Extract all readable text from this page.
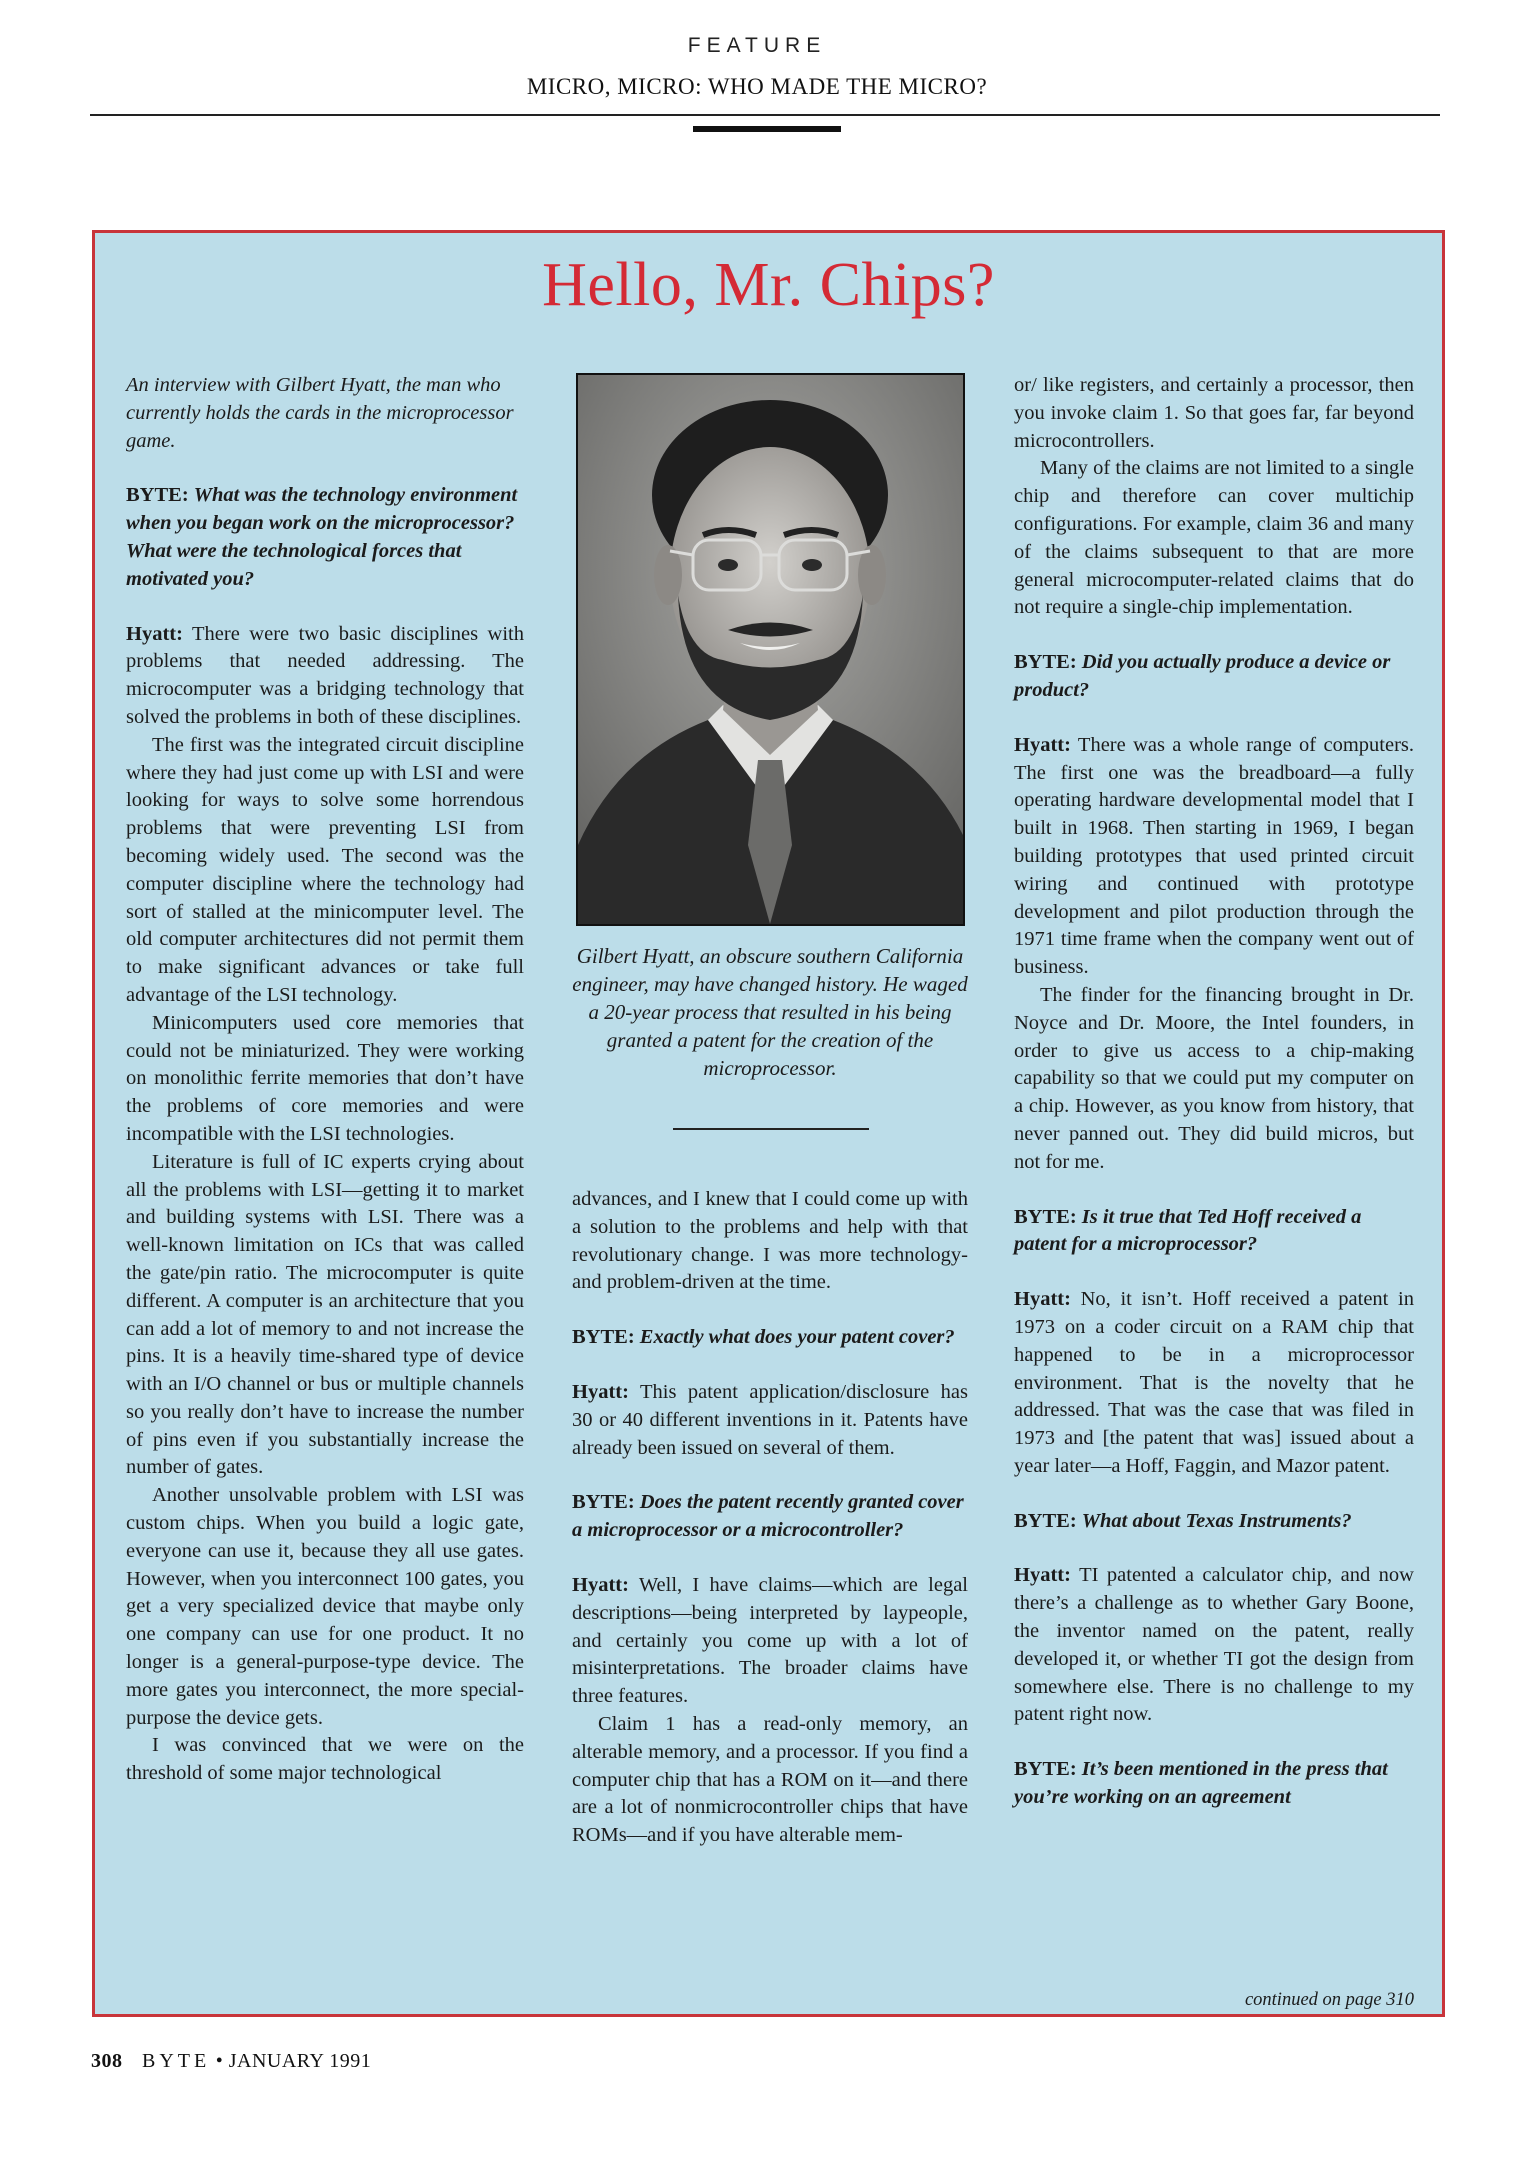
FEATURE
MICRO, MICRO: WHO MADE THE MICRO?
Hello, Mr. Chips?

An interview with Gilbert Hyatt, the man who currently holds the cards in the microprocessor game.

BYTE: What was the technology environment when you began work on the microprocessor? What were the technological forces that motivated you?

Hyatt: There were two basic disciplines with problems that needed addressing. The microcomputer was a bridging technology that solved the problems in both of these disciplines.

The first was the integrated circuit discipline where they had just come up with LSI and were looking for ways to solve some horrendous problems that were preventing LSI from becoming widely used. The second was the computer discipline where the technology had sort of stalled at the minicomputer level. The old computer architectures did not permit them to make significant advances or take full advantage of the LSI technology.

Minicomputers used core memories that could not be miniaturized. They were working on monolithic ferrite memories that don’t have the problems of core memories and were incompatible with the LSI technologies.

Literature is full of IC experts crying about all the problems with LSI—getting it to market and building systems with LSI. There was a well-known limitation on ICs that was called the gate/pin ratio. The microcomputer is quite different. A computer is an architecture that you can add a lot of memory to and not increase the pins. It is a heavily time-shared type of device with an I/O channel or bus or multiple channels so you really don’t have to increase the number of pins even if you substantially increase the number of gates.

Another unsolvable problem with LSI was custom chips. When you build a logic gate, everyone can use it, because they all use gates. However, when you interconnect 100 gates, you get a very specialized device that maybe only one company can use for one product. It no longer is a general-purpose-type device. The more gates you interconnect, the more special-purpose the device gets.

I was convinced that we were on the threshold of some major technological

Gilbert Hyatt, an obscure southern California engineer, may have changed history. He waged a 20-year process that resulted in his being granted a patent for the creation of the microprocessor.

advances, and I knew that I could come up with a solution to the problems and help with that revolutionary change. I was more technology- and problem-driven at the time.

BYTE: Exactly what does your patent cover?

Hyatt: This patent application/disclosure has 30 or 40 different inventions in it. Patents have already been issued on several of them.

BYTE: Does the patent recently granted cover a microprocessor or a microcontroller?

Hyatt: Well, I have claims—which are legal descriptions—being interpreted by laypeople, and certainly you come up with a lot of misinterpretations. The broader claims have three features.

Claim 1 has a read-only memory, an alterable memory, and a processor. If you find a computer chip that has a ROM on it—and there are a lot of nonmicrocontroller chips that have ROMs—and if you have alterable mem-

or/ like registers, and certainly a processor, then you invoke claim 1. So that goes far, far beyond microcontrollers.

Many of the claims are not limited to a single chip and therefore can cover multichip configurations. For example, claim 36 and many of the claims subsequent to that are more general microcomputer-related claims that do not require a single-chip implementation.

BYTE: Did you actually produce a device or product?

Hyatt: There was a whole range of computers. The first one was the breadboard—a fully operating hardware developmental model that I built in 1968. Then starting in 1969, I began building prototypes that used printed circuit wiring and continued with prototype development and pilot production through the 1971 time frame when the company went out of business.

The finder for the financing brought in Dr. Noyce and Dr. Moore, the Intel founders, in order to give us access to a chip-making capability so that we could put my computer on a chip. However, as you know from history, that never panned out. They did build micros, but not for me.

BYTE: Is it true that Ted Hoff received a patent for a microprocessor?

Hyatt: No, it isn’t. Hoff received a patent in 1973 on a coder circuit on a RAM chip that happened to be in a microprocessor environment. That is the novelty that he addressed. That was the case that was filed in 1973 and [the patent that was] issued about a year later—a Hoff, Faggin, and Mazor patent.

BYTE: What about Texas Instruments?

Hyatt: TI patented a calculator chip, and now there’s a challenge as to whether Gary Boone, the inventor named on the patent, really developed it, or whether TI got the design from somewhere else. There is no challenge to my patent right now.

BYTE: It’s been mentioned in the press that you’re working on an agreement

continued on page 310
308 BYTE • JANUARY 1991
